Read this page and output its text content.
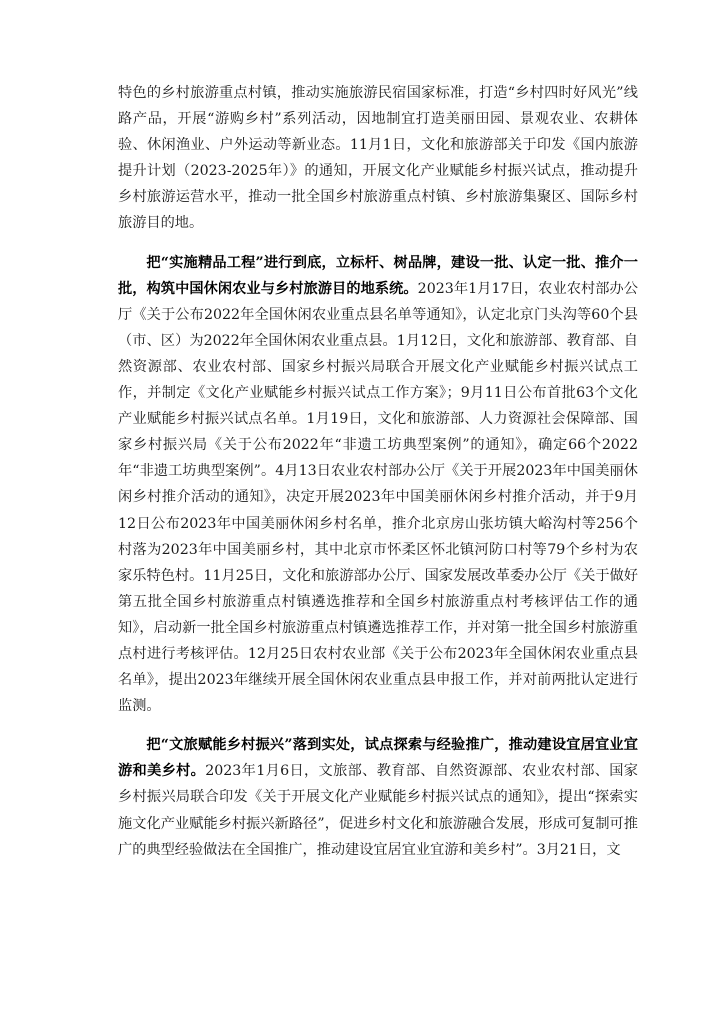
特色的乡村旅游重点村镇，推动实施旅游民宿国家标准，打造“乡村四时好风光”线路产品，开展“游购乡村”系列活动，因地制宜打造美丽田园、景观农业、农耕体验、休闲渔业、户外运动等新业态。11月1日，文化和旅游部关于印发《国内旅游提升计划（2023-2025年）》的通知，开展文化产业赋能乡村振兴试点，推动提升乡村旅游运营水平，推动一批全国乡村旅游重点村镇、乡村旅游集聚区、国际乡村旅游目的地。

把“实施精品工程”进行到底，立标杆、树品牌，建设一批、认定一批、推介一批，构筑中国休闲农业与乡村旅游目的地系统。2023年1月17日，农业农村部办公厅《关于公布2022年全国休闲农业重点县名单等通知》，认定北京门头沟等60个县（市、区）为2022年全国休闲农业重点县。1月12日，文化和旅游部、教育部、自然资源部、农业农村部、国家乡村振兴局联合开展文化产业赋能乡村振兴试点工作，并制定《文化产业赋能乡村振兴试点工作方案》；9月11日公布首批63个文化产业赋能乡村振兴试点名单。1月19日，文化和旅游部、人力资源社会保障部、国家乡村振兴局《关于公布2022年“非遗工坊典型案例”的通知》，确定66个2022年“非遗工坊典型案例”。4月13日农业农村部办公厅《关于开展2023年中国美丽休闲乡村推介活动的通知》，决定开展2023年中国美丽休闲乡村推介活动，并于9月12日公布2023年中国美丽休闲乡村名单，推介北京房山张坊镇大峪沟村等256个村落为2023年中国美丽乡村，其中北京市怀柔区怀北镇河防口村等79个乡村为农家乐特色村。11月25日，文化和旅游部办公厅、国家发展改革委办公厅《关于做好第五批全国乡村旅游重点村镇遴选推荐和全国乡村旅游重点村考核评估工作的通知》，启动新一批全国乡村旅游重点村镇遴选推荐工作，并对第一批全国乡村旅游重点村进行考核评估。12月25日农村农业部《关于公布2023年全国休闲农业重点县名单》，提出2023年继续开展全国休闲农业重点县申报工作，并对前两批认定进行监测。

把“文旅赋能乡村振兴”落到实处，试点探索与经验推广，推动建设宜居宜业宜游和美乡村。2023年1月6日，文旅部、教育部、自然资源部、农业农村部、国家乡村振兴局联合印发《关于开展文化产业赋能乡村振兴试点的通知》，提出“探索实施文化产业赋能乡村振兴新路径”，促进乡村文化和旅游融合发展，形成可复制可推广的典型经验做法在全国推广，推动建设宜居宜业宜游和美乡村”。3月21日，文
